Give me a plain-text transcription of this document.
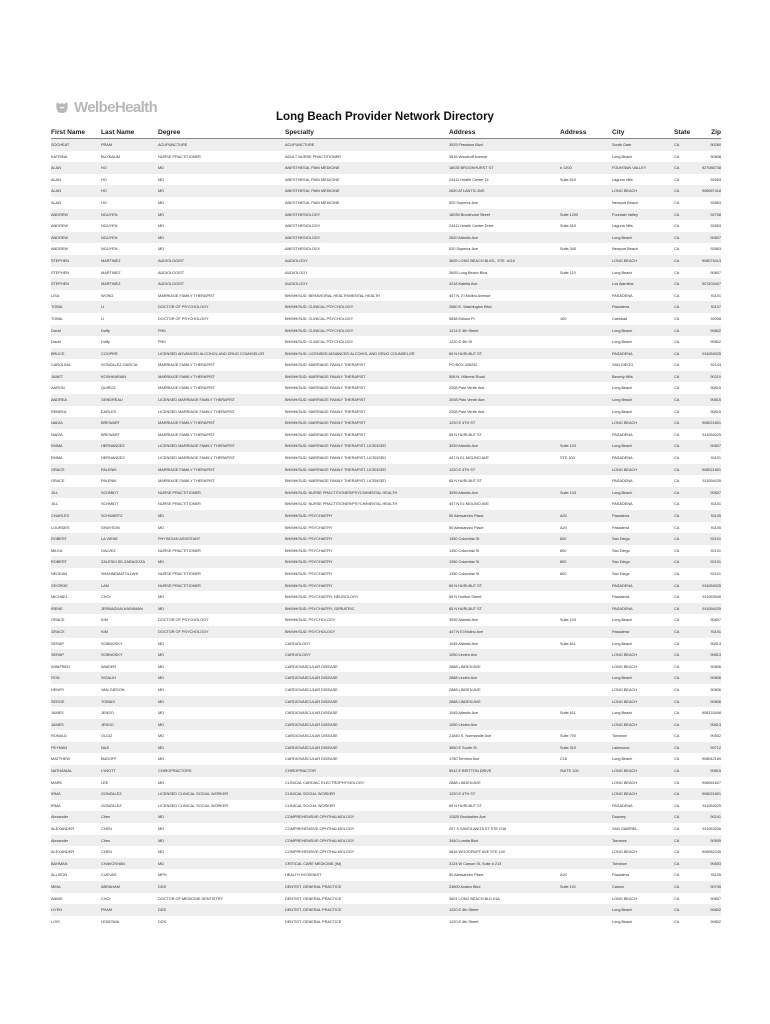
WelbeHealth
Long Beach Provider Network Directory
First Name	Last Name	Degree	Specialty	Address	Address	City	State	Zip
SOCHEAT	PRAM	ACUPUNCTURE	ACUPUNCTURE	3925 Firestone Blvd.		South Gate	CA	90280
KATRINA	BUXBAUM	NURSE PRACTITIONER	ADULT NURSE PRACTITIONER	3816 Woodruff Avenue		Long Beach	CA	90808
ALAN	HO	MD	ANESTHESIA, PAIN MEDICINE	18035 BROOKHURST ST	# 1200	FOUNTAIN VALLEY	CA	927086738
ALAN	HO	MD	ANESTHESIA, PAIN MEDICINE	24411 Health Center Dr	Suite 610	Laguna Hills	CA	92653
ALAN	HO	MD	ANESTHESIA, PAIN MEDICINE	2620 ATLANTIC AVE		LONG BEACH	CA	908067418
ALAN	HO	MD	ANESTHESIA, PAIN MEDICINE	520 Superior Ave		Newport Beach	CA	92663
ANDREW	NGUYEN	MD	ANESTHESIOLOGY	18035 Brookhurst Street	Suite 1200	Fountain Valley	CA	92708
ANDREW	NGUYEN	MD	ANESTHESIOLOGY	24411 Health Center Drive	Suite 610	Laguna Hills	CA	92653
ANDREW	NGUYEN	MD	ANESTHESIOLOGY	2620 Atlantic Ave		Long Beach	CA	90807
ANDREW	NGUYEN	MD	ANESTHESIOLOGY	520 Superior Ave	Suite 340	Newport Beach	CA	92663
STEPHEN	MARTINEZ	AUDIOLOGIST	AUDIOLOGY	3605 LONG BEACH BLVD., STE. #110		LONG BEACH	CA	908074013
STEPHEN	MARTINEZ	AUDIOLOGIST	AUDIOLOGY	3605 Long Beach Blvd	Suite 110	Long Beach	CA	90807
STEPHEN	MARTINEZ	AUDIOLOGIST	AUDIOLOGY	4218 Katella Ave		Los Alamitos	CA	907203407
LISA	WONG	MARRIAGE FAMILY THERAPIST	BH/MH/SUD: BEHAVIORAL HEALTH/MENTAL HEALTH	447 N. El Molino Avenue		PASADENA	CA	91101
TOBIA	LI	DOCTOR OF PSYCHOLOGY	BH/MH/SUD: CLINICAL PSYCHOLOGY	2580 E. Washington Blvd.		Pasadena	CA	91107
TOBIA	LI	DOCTOR OF PSYCHOLOGY	BH/MH/SUD: CLINICAL PSYCHOLOGY	5838 Edison Pl	100	Carlsbad	CA	92008
David	Duffy	PHD	BH/MH/SUD: CLINICAL PSYCHOLOGY	1214 E 4th Street		Long Beach	CA	90802
David	Duffy	PHD	BH/MH/SUD: CLINICAL PSYCHOLOGY	1220 E 4th St		Long Beach	CA	90802
BRUCE	COOPER	LICENSED ADVANCED ALCOHOL AND DRUG COUNSELOR	BH/MH/SUD: LICENSED ADVANCED ALCOHOL AND DRUG COUNSELOR	65 N HURLBUT ST		PASADENA	CA	911054025
CAROLINA	GONZALEZ-GARCIA	MARRIAGE FAMILY THERAPIST	BH/MH/SUD: MARRIAGE FAMILY THERAPIST	PO BOX 435232		SAN DIEGO	CA	92143
JANET	KOSHKARIAN	MARRIAGE FAMILY THERAPIST	BH/MH/SUD: MARRIAGE FAMILY THERAPIST	508 N. Hillcrest Road		Beverly Hills	CA	90210
AARON	QUIROZ	MARRIAGE FAMILY THERAPIST	BH/MH/SUD: MARRIAGE FAMILY THERAPIST	2008 Palo Verde Ave.		Long Beach	CA	90815
ANDREA	GENDREAU	LICENSED MARRIAGE FAMILY THERAPIST	BH/MH/SUD: MARRIAGE FAMILY THERAPIST	2008 Palo Verde Ave.		Long Beach	CA	90815
REBEKA	EARLES	LICENSED MARRIAGE FAMILY THERAPIST	BH/MH/SUD: MARRIAGE FAMILY THERAPIST	2008 Palo Verde Ave.		Long Beach	CA	90815
NADIA	BREWART	MARRIAGE FAMILY THERAPIST	BH/MH/SUD: MARRIAGE FAMILY THERAPIST	1220 E 4TH ST		LONG BEACH	CA	908021801
NADIA	BREWART	MARRIAGE FAMILY THERAPIST	BH/MH/SUD: MARRIAGE FAMILY THERAPIST	65 N HURLBUT ST		PASADENA	CA	911054025
EMMA	HERNANDEZ	LICENSED MARRIAGE FAMILY THERAPIST	BH/MH/SUD: MARRIAGE FAMILY THERAPIST, LICENSED	3939 Atlantic Ave	Suite 103	Long Beach	CA	90807
EMMA	HERNANDEZ	LICENSED MARRIAGE FAMILY THERAPIST	BH/MH/SUD: MARRIAGE FAMILY THERAPIST, LICENSED	447 N EL MOLINO AVE	STE 103	PASADENA	CA	91101
GRACE	PALENIK	MARRIAGE FAMILY THERAPIST	BH/MH/SUD: MARRIAGE FAMILY THERAPIST, LICENSED	1220 E 4TH ST		LONG BEACH	CA	908021801
GRACE	PALENIK	MARRIAGE FAMILY THERAPIST	BH/MH/SUD: MARRIAGE FAMILY THERAPIST, LICENSED	65 N HURLBUT ST		PASADENA	CA	911054025
JILL	SCHMIDT	NURSE PRACTITIONER	BH/MH/SUD: NURSE PRACTITIONER/PSYCH/MENTAL HEALTH	3939 Atlantic Ave	Suite 103	Long Beach	CA	90807
JILL	SCHMIDT	NURSE PRACTITIONER	BH/MH/SUD: NURSE PRACTITIONER/PSYCH/MENTAL HEALTH	447 N EL MOLINO AVE		PASADENA	CA	91101
CHARLES	SCHWARTZ	MD	BH/MH/SUD: PSYCHIATRY	50 Alessandro Place	A20	Pasadena	CA	91105
LOURDES	GRAYSON	MD	BH/MH/SUD: PSYCHIATRY	50 Alessandro Place	A20	Pasadena	CA	91105
ROBERT	LA VIENE	PHYSICIAN ASSISTANT	BH/MH/SUD: PSYCHIATRY	1350 Columbia St	800	San Diego	CA	92101
MILKA	GALVEZ	NURSE PRACTITIONER	BH/MH/SUD: PSYCHIATRY	1350 Columbia St	800	San Diego	CA	92101
ROBERT	ZALESKI SE-ZARAGOZA	MD	BH/MH/SUD: PSYCHIATRY	1350 Columbia St	800	San Diego	CA	92101
NEGEAN	SHAHNEMATOLLAHI	NURSE PRACTITIONER	BH/MH/SUD: PSYCHIATRY	1350 Columbia St	800	San Diego	CA	92101
GEORGE	LAM	NURSE PRACTITIONER	BH/MH/SUD: PSYCHIATRY	65 N HURLBUT ST		PASADENA	CA	911054025
MICHAEL	CHOI	MD	BH/MH/SUD: PSYCHIATRY, NEUROLOGY	65 N Hurlbut Street		Pasadena	CA	911053549
IRENE	JERMAZIAN-KARAMAN	MD	BH/MH/SUD: PSYCHIATRY, GERIATRIC	65 N HURLBUT ST		PASADENA	CA	911054025
GRACE	KIM	DOCTOR OF PSYCHOLOGY	BH/MH/SUD: PSYCHOLOGY	3939 Atlantic Ave	Suite 103	Long Beach	CA	90807
GRACE	KIM	DOCTOR OF PSYCHOLOGY	BH/MH/SUD: PSYCHOLOGY	447 N El Molino Ave		Pasadena	CA	91101
SERAP	SOBNOSKY	MD	CARDIOLOGY	1045 Atlantic Ave	Suite 611	Long Beach	CA	90813
SERAP	SOBNOSKY	MD	CARDIOLOGY	1050 Linden Ave		LONG BEACH	CA	90813
WINIFRED	WAIDER	MD	CARDIOVASCULAR DISEASE	2888 LINDEN AVE		LONG BEACH	CA	90806
RON	SIGALIH	MD	CARDIOVASCULAR DISEASE	2888 Linden Ave		Long Beach	CA	90806
HENRY	VAN GIESON	MD	CARDIOVASCULAR DISEASE	2888 LINDEN AVE		LONG BEACH	CA	90806
SERGE	TOBIAS	MD	CARDIOVASCULAR DISEASE	2888 LINDEN AVE		LONG BEACH	CA	90806
JAMES	JENSO	MD	CARDIOVASCULAR DISEASE	1045 Atlantic Ave	Suite 611	Long Beach	CA	908133408
JAMES	JENSO	MD	CARDIOVASCULAR DISEASE	1050 Linden Ave		LONG BEACH	CA	90813
RONALD	OLDIZ	MD	CARDIOVASCULAR DISEASE	21840 S. Normandie Ave	Suite 700	Torrance	CA	90502
PEYMAN	NAJI	MD	CARDIOVASCULAR DISEASE	3650 E South St	Suite 310	Lakewood	CA	90712
MATTHEW	BUDOFF	MD	CARDIOVASCULAR DISEASE	1760 Termino Ave	C18	Long Beach	CA	908042169
NATHANIAL	LYNOTT	CHIROPRACTORS	CHIROPRACTOR	5512 E BRITTON DRIVE	SUITE 100	LONG BEACH	CA	90815
MARK	LEE	MD	CLINICAL CARDIAC ELECTROPHYSIOLOGY	2888 LINDEN AVE		LONG BEACH	CA	908061627
IRMA	GONZALEZ	LICENSED CLINICAL SOCIAL WORKER	CLINICAL SOCIAL WORKER	1220 E 4TH ST		LONG BEACH	CA	908021801
IRMA	GONZALEZ	LICENSED CLINICAL SOCIAL WORKER	CLINICAL SOCIAL WORKER	65 N HURLBUT ST		PASADENA	CA	911054025
Alexander	Chen	MD	COMPREHENSIVE OPHTHALMOLOGY	11525 Brookshire Ave		Downey	CA	90241
ALEXANDER	CHEN	MD	COMPREHENSIVE OPHTHALMOLOGY	207 S SANTA ANITA ST STE G16		SAN GABRIEL	CA	911053206
Alexander	Chen	MD	COMPREHENSIVE OPHTHALMOLOGY	3440 Lomita Blvd		Torrance	CA	90505
ALEXANDER	CHEN	MD	COMPREHENSIVE OPHTHALMOLOGY	3816 WOODRUFF AVE STE 100		LONG BEACH	CA	908082245
BAHMAN	CHAVOSHAN	MD	CRITICAL CARE MEDICINE (IM)	3124 W Carson St, Suite # 213		Torrance	CA	90503
ALLISON	CUEVAS	MPH	HEALTH HYGIENIST	50 Alessandro Place	A20	Pasadena	CA	91105
MINA	ABRAHAM	DDS	DENTIST, GENERAL PRACTICE	23600 Avalon Blvd	Suite 101	Carson	CA	90745
ANNIE	CHOI	DOCTOR OF MEDICINE DENTISTRY	DENTIST, GENERAL PRACTICE	3501 LONG BEACH BLD #1A		LONG BEACH	CA	90807
LIYEN	PHAM	DDS	DENTIST, GENERAL PRACTICE	1220 E 4th Street		Long Beach	CA	90802
LOIS	LEDESMA	DDS	DENTIST, GENERAL PRACTICE	1220 E 4th Street		Long Beach	CA	90802
